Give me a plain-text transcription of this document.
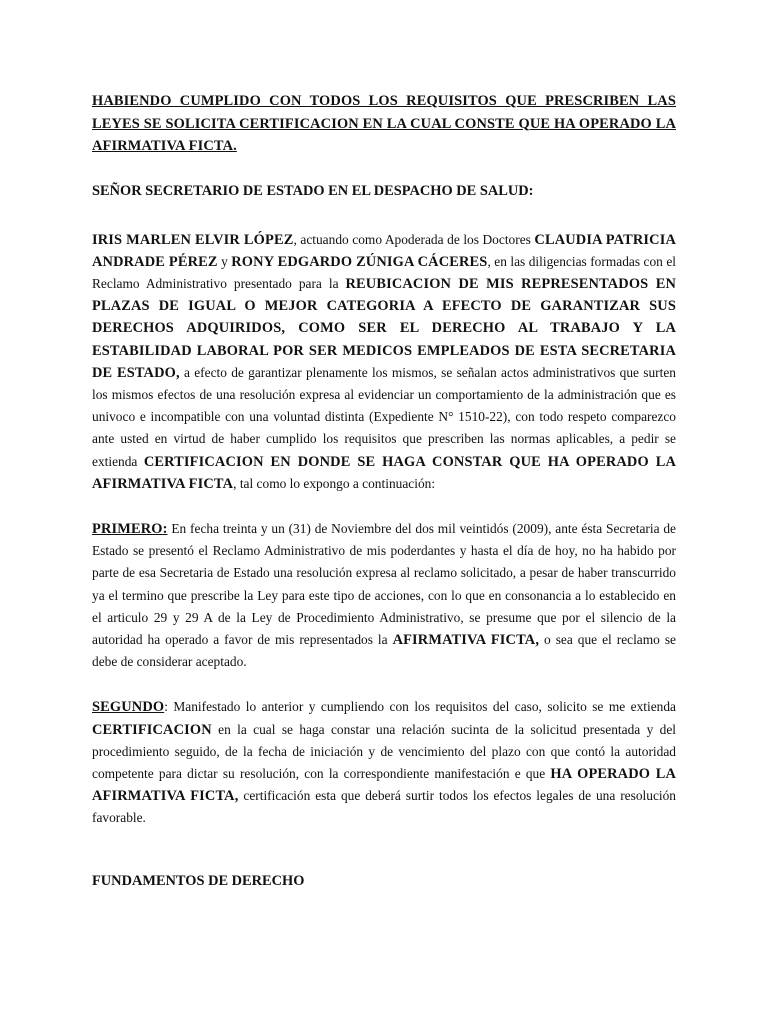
HABIENDO CUMPLIDO CON TODOS LOS REQUISITOS QUE PRESCRIBEN LAS LEYES SE SOLICITA CERTIFICACION EN LA CUAL CONSTE QUE HA OPERADO LA AFIRMATIVA FICTA.

SEÑOR SECRETARIO DE ESTADO EN EL DESPACHO DE SALUD:

IRIS MARLEN ELVIR LÓPEZ, actuando como Apoderada de los Doctores CLAUDIA PATRICIA ANDRADE PÉREZ y RONY EDGARDO ZÚNIGA CÁCERES, en las diligencias formadas con el Reclamo Administrativo presentado para la REUBICACION DE MIS REPRESENTADOS EN PLAZAS DE IGUAL O MEJOR CATEGORIA A EFECTO DE GARANTIZAR SUS DERECHOS ADQUIRIDOS, COMO SER EL DERECHO AL TRABAJO Y LA ESTABILIDAD LABORAL POR SER MEDICOS EMPLEADOS DE ESTA SECRETARIA DE ESTADO, a efecto de garantizar plenamente los mismos, se señalan actos administrativos que surten los mismos efectos de una resolución expresa al evidenciar un comportamiento de la administración que es univoco e incompatible con una voluntad distinta (Expediente N° 1510-22), con todo respeto comparezco ante usted en virtud de haber cumplido los requisitos que prescriben las normas aplicables, a pedir se extienda CERTIFICACION EN DONDE SE HAGA CONSTAR QUE HA OPERADO LA AFIRMATIVA FICTA, tal como lo expongo a continuación:

PRIMERO: En fecha treinta y un (31) de Noviembre del dos mil veintidós (2009), ante ésta Secretaria de Estado se presentó el Reclamo Administrativo de mis poderdantes y hasta el día de hoy, no ha habido por parte de esa Secretaria de Estado una resolución expresa al reclamo solicitado, a pesar de haber transcurrido ya el termino que prescribe la Ley para este tipo de acciones, con lo que en consonancia a lo establecido en el articulo 29 y 29 A de la Ley de Procedimiento Administrativo, se presume que por el silencio de la autoridad ha operado a favor de mis representados la AFIRMATIVA FICTA, o sea que el reclamo se debe de considerar aceptado.

SEGUNDO: Manifestado lo anterior y cumpliendo con los requisitos del caso, solicito se me extienda CERTIFICACION en la cual se haga constar una relación sucinta de la solicitud presentada y del procedimiento seguido, de la fecha de iniciación y de vencimiento del plazo con que contó la autoridad competente para dictar su resolución, con la correspondiente manifestación e que HA OPERADO LA AFIRMATIVA FICTA, certificación esta que deberá surtir todos los efectos legales de una resolución favorable.

FUNDAMENTOS DE DERECHO
